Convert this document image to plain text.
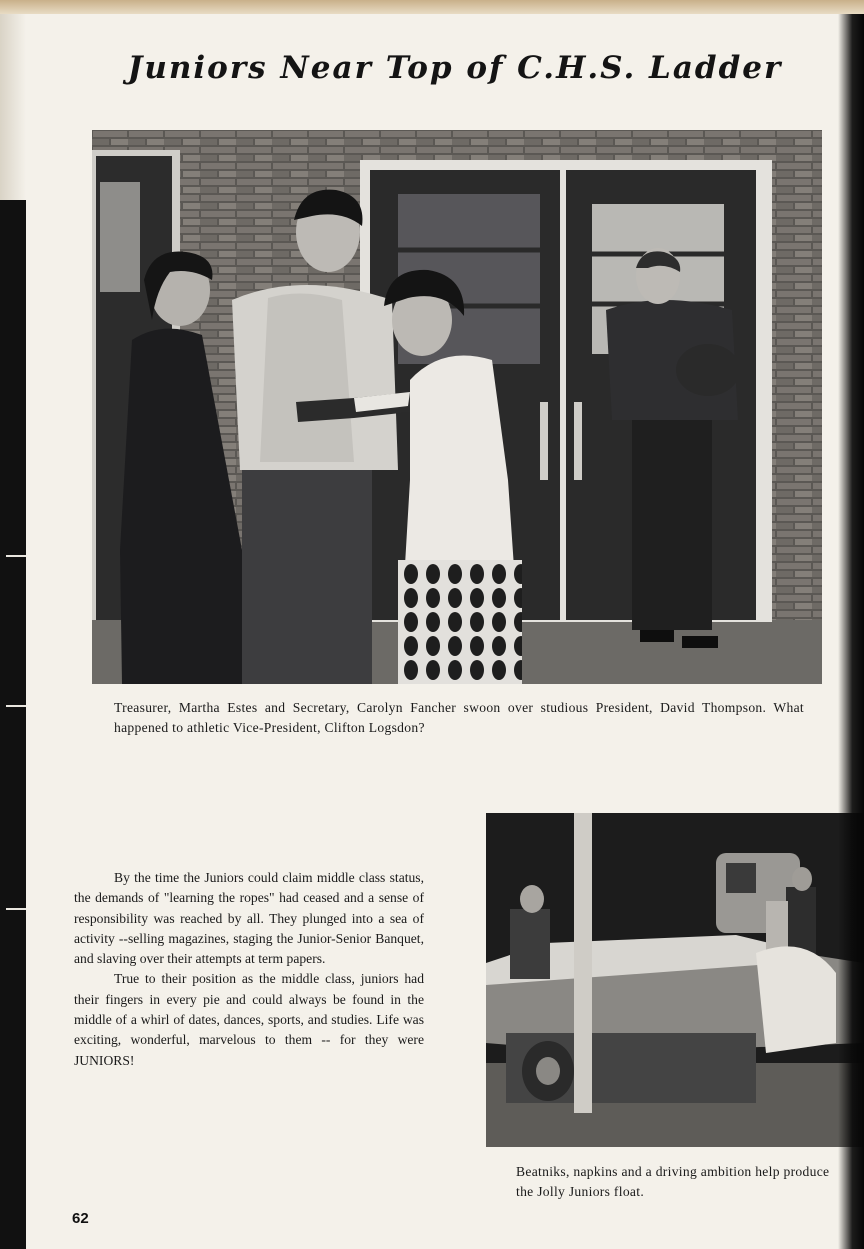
Juniors Near Top of C.H.S. Ladder
Treasurer, Martha Estes and Secretary, Carolyn Fancher swoon over studious President, David Thompson. What happened to athletic Vice-President, Clifton Logsdon?

By the time the Juniors could claim middle class status, the demands of "learning the ropes" had ceased and a sense of responsibility was reached by all. They plunged into a sea of activity --selling magazines, staging the Junior-Senior Banquet, and slaving over their attempts at term papers.

True to their position as the middle class, juniors had their fingers in every pie and could always be found in the middle of a whirl of dates, dances, sports, and studies. Life was exciting, wonderful, marvelous to them -- for they were JUNIORS!

Beatniks, napkins and a driving ambition help produce the Jolly Juniors float.
62
